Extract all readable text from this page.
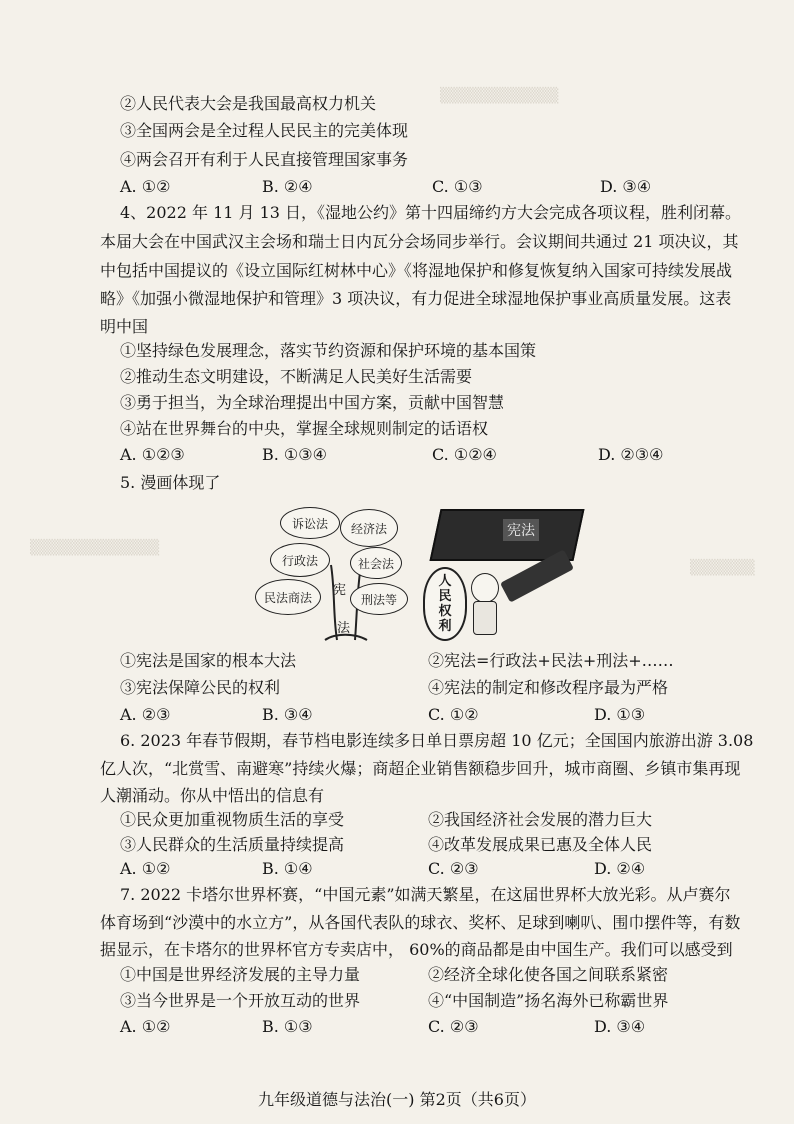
▒▒▒▒▒▒▒▒▒▒▒
▒▒▒▒▒▒▒▒▒▒▒▒
▒▒▒▒▒▒
②人民代表大会是我国最高权力机关
③全国两会是全过程人民民主的完美体现
④两会召开有利于人民直接管理国家事务
A. ①②	B. ②④	C. ①③	D. ③④
4、2022 年 11 月 13 日，《湿地公约》第十四届缔约方大会完成各项议程，胜利闭幕。
本届大会在中国武汉主会场和瑞士日内瓦分会场同步举行。会议期间共通过 21 项决议，其
中包括中国提议的《设立国际红树林中心》《将湿地保护和修复恢复纳入国家可持续发展战
略》《加强小微湿地保护和管理》3 项决议，有力促进全球湿地保护事业高质量发展。这表
明中国
①坚持绿色发展理念，落实节约资源和保护环境的基本国策
②推动生态文明建设，不断满足人民美好生活需要
③勇于担当，为全球治理提出中国方案，贡献中国智慧
④站在世界舞台的中央，掌握全球规则制定的话语权
A. ①②③	B. ①③④	C. ①②④	D. ②③④
5. 漫画体现了
诉讼法	经济法
行政法	社会法
民法商法	刑法等
宪
法
宪法
人
民
权
利
①宪法是国家的根本大法	②宪法=行政法+民法+刑法+……
③宪法保障公民的权利	④宪法的制定和修改程序最为严格
A. ②③	B. ③④	C. ①②	D. ①③
6. 2023 年春节假期，春节档电影连续多日单日票房超 10 亿元；全国国内旅游出游 3.08
亿人次，“北赏雪、南避寒”持续火爆；商超企业销售额稳步回升，城市商圈、乡镇市集再现
人潮涌动。你从中悟出的信息有
①民众更加重视物质生活的享受	②我国经济社会发展的潜力巨大
③人民群众的生活质量持续提高	④改革发展成果已惠及全体人民
A. ①②	B. ①④	C. ②③	D. ②④
7. 2022 卡塔尔世界杯赛，“中国元素”如满天繁星，在这届世界杯大放光彩。从卢赛尔
体育场到“沙漠中的水立方”，从各国代表队的球衣、奖杯、足球到喇叭、围巾摆件等，有数
据显示，在卡塔尔的世界杯官方专卖店中， 60%的商品都是由中国生产。我们可以感受到
①中国是世界经济发展的主导力量	②经济全球化使各国之间联系紧密
③当今世界是一个开放互动的世界	④“中国制造”扬名海外已称霸世界
A. ①②	B. ①③	C. ②③	D. ③④
九年级道德与法治(一) 第2页（共6页）
